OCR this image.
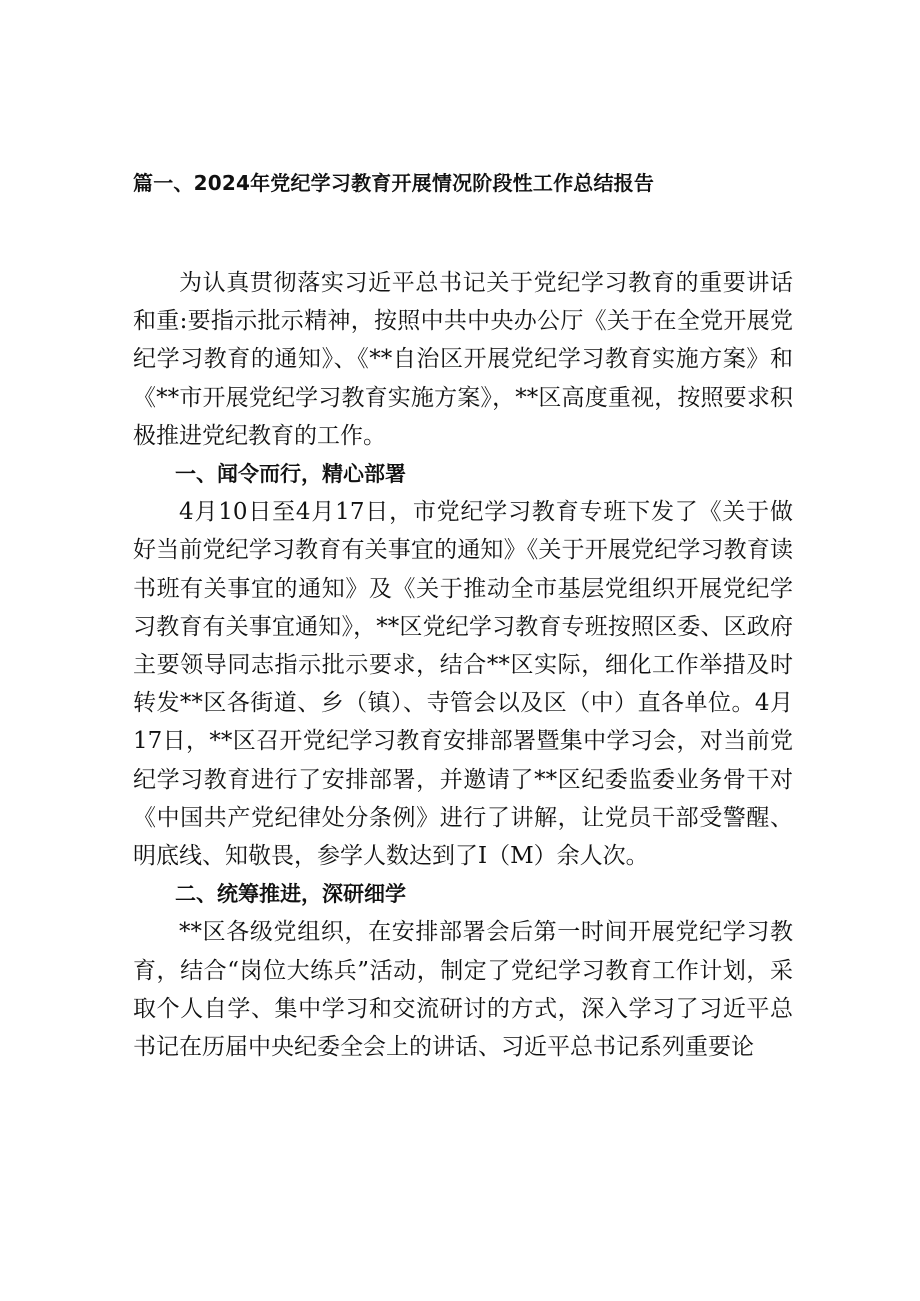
篇一、2024年党纪学习教育开展情况阶段性工作总结报告

为认真贯彻落实习近平总书记关于党纪学习教育的重要讲话和重:要指示批示精神，按照中共中央办公厅《关于在全党开展党纪学习教育的通知》、《**自治区开展党纪学习教育实施方案》和《**市开展党纪学习教育实施方案》，**区高度重视，按照要求积极推进党纪教育的工作。

一、闻令而行，精心部署

4月10日至4月17日，市党纪学习教育专班下发了《关于做好当前党纪学习教育有关事宜的通知》《关于开展党纪学习教育读书班有关事宜的通知》及《关于推动全市基层党组织开展党纪学习教育有关事宜通知》，**区党纪学习教育专班按照区委、区政府主要领导同志指示批示要求，结合**区实际，细化工作举措及时转发**区各街道、乡（镇）、寺管会以及区（中）直各单位。4月17日，**区召开党纪学习教育安排部署暨集中学习会，对当前党纪学习教育进行了安排部署，并邀请了**区纪委监委业务骨干对《中国共产党纪律处分条例》进行了讲解，让党员干部受警醒、明底线、知敬畏，参学人数达到了I（M）余人次。

二、统筹推进，深研细学

**区各级党组织，在安排部署会后第一时间开展党纪学习教育，结合“岗位大练兵”活动，制定了党纪学习教育工作计划，采取个人自学、集中学习和交流研讨的方式，深入学习了习近平总书记在历届中央纪委全会上的讲话、习近平总书记系列重要论
